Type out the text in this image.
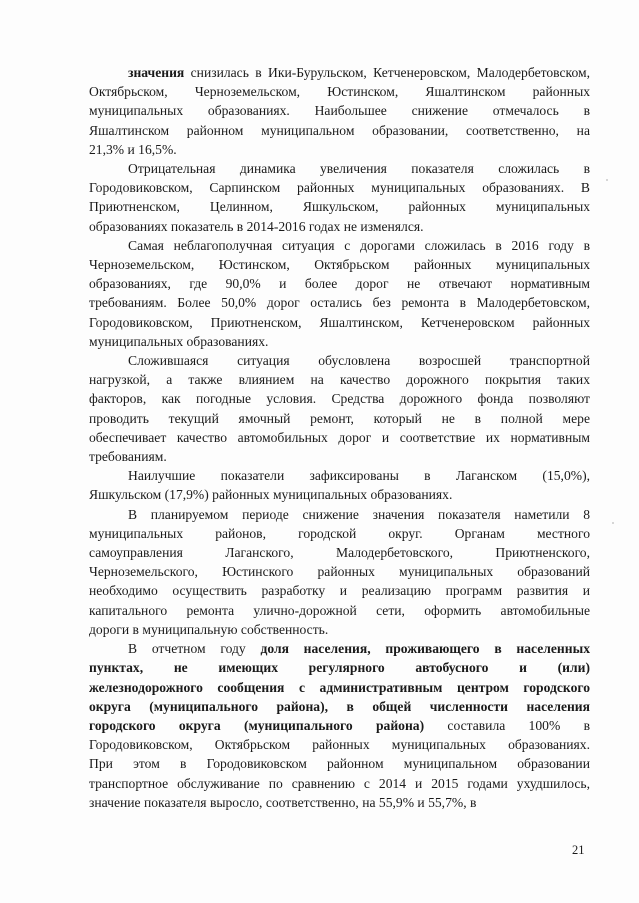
значения снизилась в Ики-Бурульском, Кетченеровском, Малодербетовском,
Октябрьском, Черноземельском, Юстинском, Яшалтинском районных
муниципальных образованиях. Наибольшее снижение отмечалось в
Яшалтинском районном муниципальном образовании, соответственно, на
21,3% и 16,5%.
Отрицательная динамика увеличения показателя сложилась в
Городовиковском, Сарпинском районных муниципальных образованиях. В
Приютненском, Целинном, Яшкульском, районных муниципальных
образованиях показатель в 2014-2016 годах не изменялся.
Самая неблагополучная ситуация с дорогами сложилась в 2016 году в
Черноземельском, Юстинском, Октябрьском районных муниципальных
образованиях, где 90,0% и более дорог не отвечают нормативным
требованиям. Более 50,0% дорог остались без ремонта в Малодербетовском,
Городовиковском, Приютненском, Яшалтинском, Кетченеровском районных
муниципальных образованиях.
Сложившаяся ситуация обусловлена возросшей транспортной
нагрузкой, а также влиянием на качество дорожного покрытия таких
факторов, как погодные условия. Средства дорожного фонда позволяют
проводить текущий ямочный ремонт, который не в полной мере
обеспечивает качество автомобильных дорог и соответствие их нормативным
требованиям.
Наилучшие показатели зафиксированы в Лаганском (15,0%),
Яшкульском (17,9%) районных муниципальных образованиях.
В планируемом периоде снижение значения показателя наметили 8
муниципальных районов, городской округ. Органам местного
самоуправления Лаганского, Малодербетовского, Приютненского,
Черноземельского, Юстинского районных муниципальных образований
необходимо осуществить разработку и реализацию программ развития и
капитального ремонта улично-дорожной сети, оформить автомобильные
дороги в муниципальную собственность.
В отчетном году доля населения, проживающего в населенных
пунктах, не имеющих регулярного автобусного и (или)
железнодорожного сообщения с административным центром городского
округа (муниципального района), в общей численности населения
городского округа (муниципального района) составила 100% в
Городовиковском, Октябрьском районных муниципальных образованиях.
При этом в Городовиковском районном муниципальном образовании
транспортное обслуживание по сравнению с 2014 и 2015 годами ухудшилось,
значение показателя выросло, соответственно, на 55,9% и 55,7%, в
21
